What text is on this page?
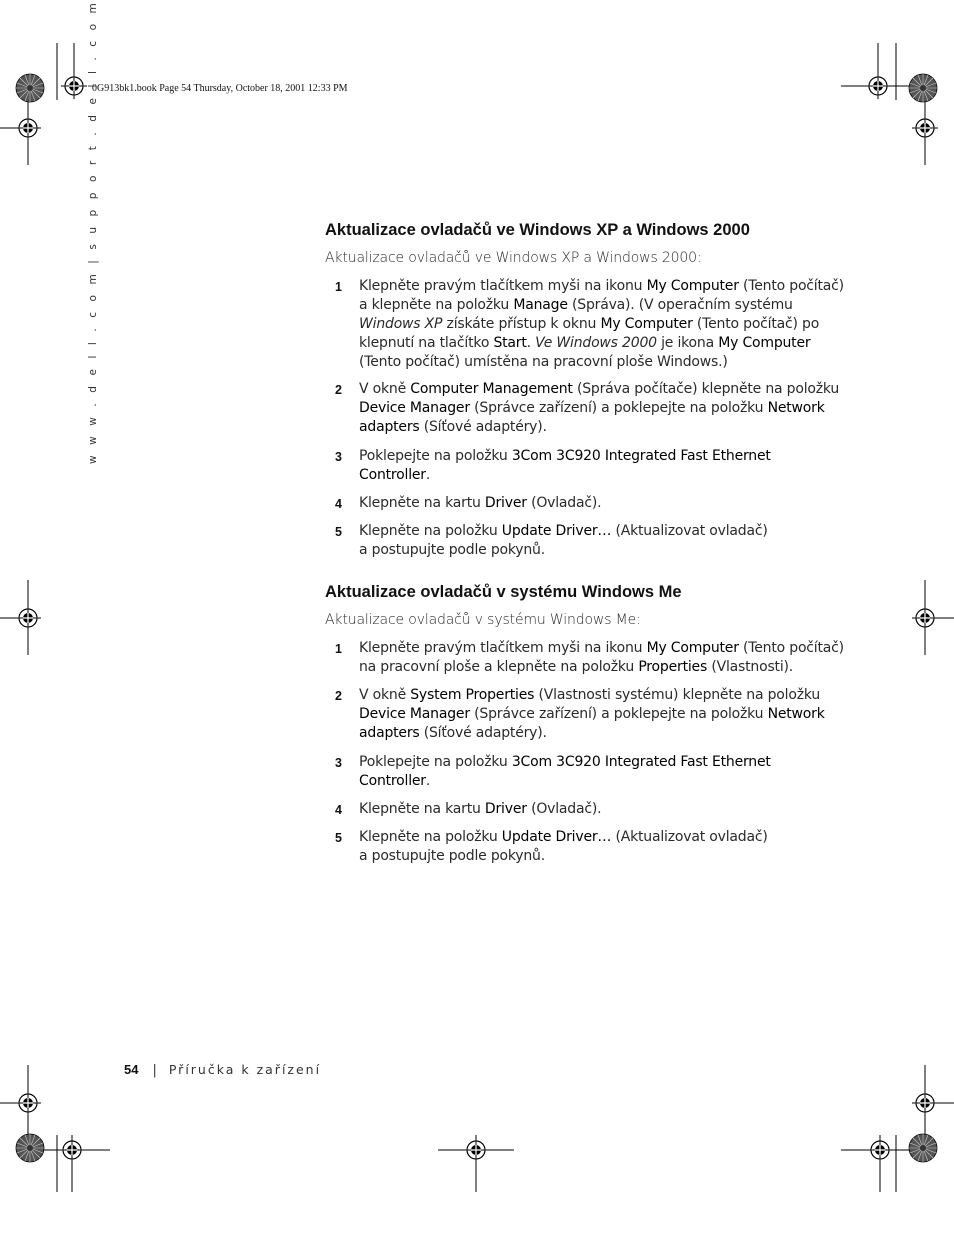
0G913bk1.book Page 54 Thursday, October 18, 2001 12:33 PM
w w w . d e l l . c o m | s u p p o r t . d e l l . c o m	Aktualizace ovladačů ve Windows XP a Windows 2000

Aktualizace ovladačů ve Windows XP a Windows 2000:

1 Klepněte pravým tlačítkem myši na ikonu My Computer (Tento počítač)
a klepněte na položku Manage (Správa). (V operačním systému
Windows XP získáte přístup k oknu My Computer (Tento počítač) po
klepnutí na tlačítko Start. Ve Windows 2000 je ikona My Computer
(Tento počítač) umístěna na pracovní ploše Windows.)
2 V okně Computer Management (Správa počítače) klepněte na položku
Device Manager (Správce zařízení) a poklepejte na položku Network
adapters (Síťové adaptéry).
3 Poklepejte na položku 3Com 3C920 Integrated Fast Ethernet
Controller.
4 Klepněte na kartu Driver (Ovladač).
5 Klepněte na položku Update Driver… (Aktualizovat ovladač)
a postupujte podle pokynů.
Aktualizace ovladačů v systému Windows Me

Aktualizace ovladačů v systému Windows Me:

1 Klepněte pravým tlačítkem myši na ikonu My Computer (Tento počítač)
na pracovní ploše a klepněte na položku Properties (Vlastnosti).
2 V okně System Properties (Vlastnosti systému) klepněte na položku
Device Manager (Správce zařízení) a poklepejte na položku Network
adapters (Síťové adaptéry).
3 Poklepejte na položku 3Com 3C920 Integrated Fast Ethernet
Controller.
4 Klepněte na kartu Driver (Ovladač).
5 Klepněte na položku Update Driver… (Aktualizovat ovladač)
a postupujte podle pokynů.
54 | Příručka k zařízení
